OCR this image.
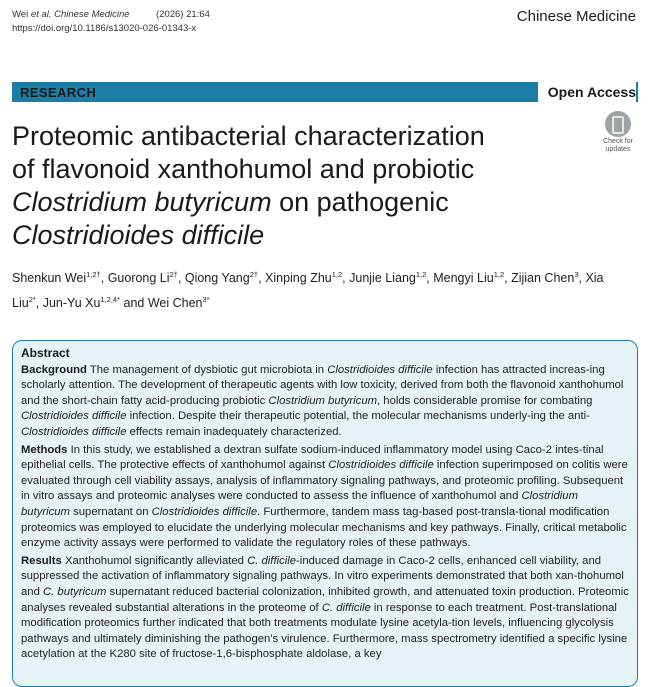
Wei et al. Chinese Medicine	(2026) 21:64
https://doi.org/10.1186/s13020-026-01343-x
Chinese Medicine
RESEARCH	Open Access
Proteomic antibacterial characterization
of flavonoid xanthohumol and probiotic
Clostridium butyricum on pathogenic
Clostridioides difficile
Check for
updates
Shenkun Wei$^{1,2\dagger}$, Guorong $Li^{2\dagger}$, Qiong Yang$^{2\dagger}$, Xinping Zhu$^{1,2}$, Junjie Liang$^{1,2}$, Mengyi Liu$^{1,2}$, Zijian Chen$^3$, Xia Liu$^{2*}$, Jun-Yu $Xu^{1,2,4*}$ and Wei Chen$^{3*}$
Abstract

Background The management of dysbiotic gut microbiota in Clostridioides difficile infection has attracted increas-ing scholarly attention. The development of therapeutic agents with low toxicity, derived from both the flavonoid xanthohumol and the short-chain fatty acid-producing probiotic Clostridium butyricum, holds considerable promise for combating Clostridioides difficile infection. Despite their therapeutic potential, the molecular mechanisms underly-ing the anti-Clostridioides difficile effects remain inadequately characterized.

Methods In this study, we established a dextran sulfate sodium-induced inflammatory model using Caco-2 intes-tinal epithelial cells. The protective effects of xanthohumol against Clostridioides difficile infection superimposed on colitis were evaluated through cell viability assays, analysis of inflammatory signaling pathways, and proteomic profiling. Subsequent in vitro assays and proteomic analyses were conducted to assess the influence of xanthohumol and Clostridium butyricum supernatant on Clostridioides difficile. Furthermore, tandem mass tag-based post-transla-tional modification proteomics was employed to elucidate the underlying molecular mechanisms and key pathways. Finally, critical metabolic enzyme activity assays were performed to validate the regulatory roles of these pathways.

Results Xanthohumol significantly alleviated C. difficile-induced damage in Caco-2 cells, enhanced cell viability, and suppressed the activation of inflammatory signaling pathways. In vitro experiments demonstrated that both xan-thohumol and C. butyricum supernatant reduced bacterial colonization, inhibited growth, and attenuated toxin production. Proteomic analyses revealed substantial alterations in the proteome of C. difficile in response to each treatment. Post-translational modification proteomics further indicated that both treatments modulate lysine acetyla-tion levels, influencing glycolysis pathways and ultimately diminishing the pathogen's virulence. Furthermore, mass spectrometry identified a specific lysine acetylation at the K280 site of fructose-1,6-bisphosphate aldolase, a key
